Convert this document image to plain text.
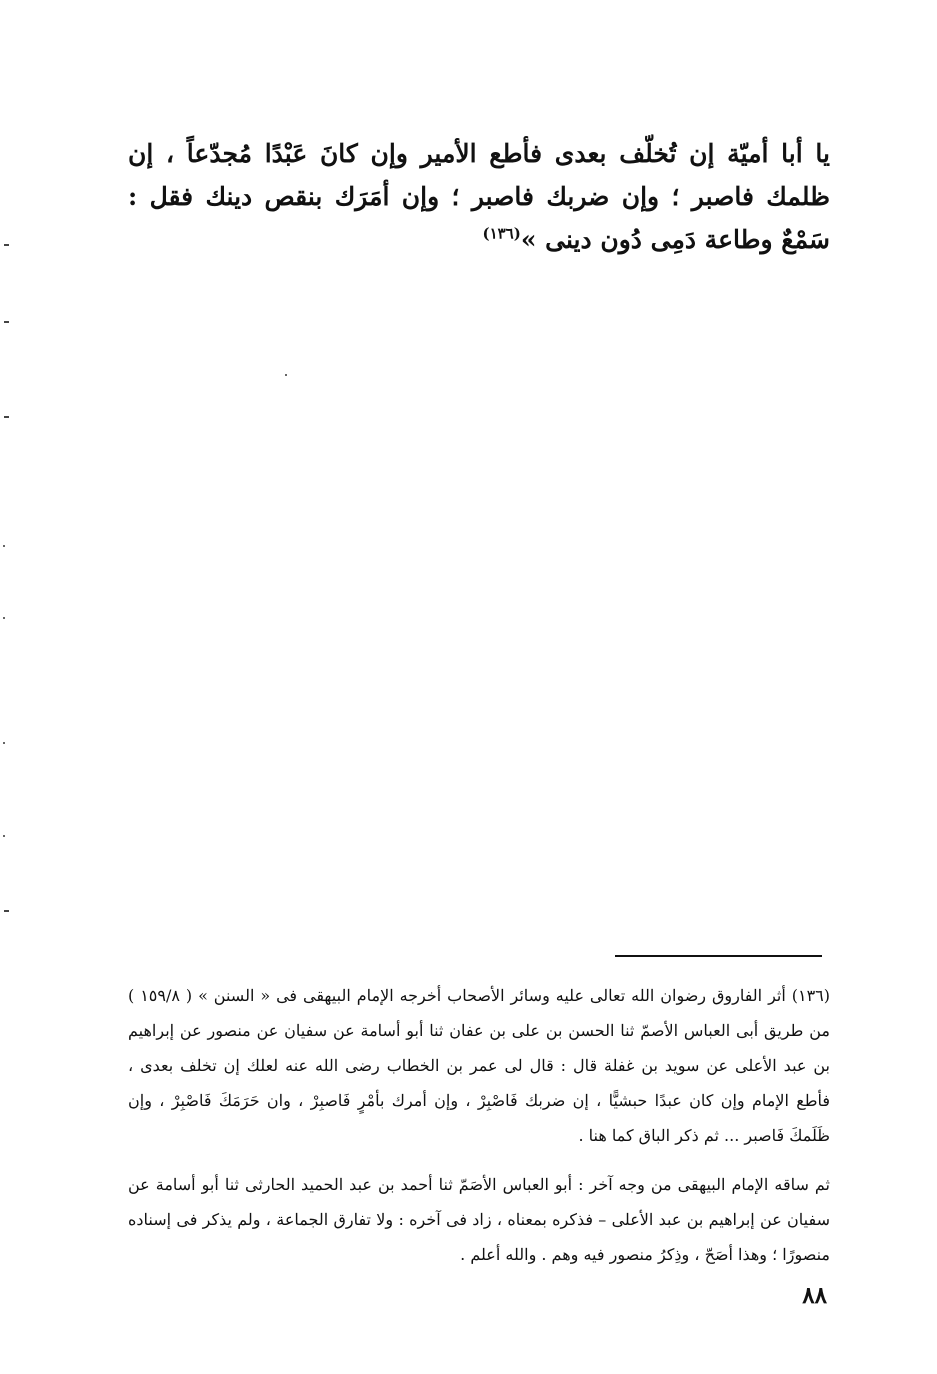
يا أبا أميّة إن تُخلّف بعدى فأطع الأمير وإن كانَ عَبْدًا مُجدّعاً ، إن ظلمك فاصبر ؛ وإن ضربك فاصبر ؛ وإن أمَرَك بنقص دينك فقل : سَمْعٌ وطاعة دَمِى دُون دينى »$^{(١٣٦)}$

(١٣٦) أثر الفاروق رضوان الله تعالى عليه وسائر الأصحاب أخرجه الإمام البيهقى فى « السنن » ( ١٥٩/٨ ) من طريق أبى العباس الأصمّ ثنا الحسن بن على بن عفان ثنا أبو أسامة عن سفيان عن منصور عن إبراهيم بن عبد الأعلى عن سويد بن غفلة قال : قال لى عمر بن الخطاب رضى الله عنه لعلك إن تخلف بعدى ، فأطع الإمام وإن كان عبدًا حبشيًّا ، إن ضربك فَاصْبِرْ ، وإن أمرك بأمْرٍ فَاصبِرْ ، وان حَرَمَكَ فَاصْبِرْ ، وإن ظَلَمكَ فَاصبر ... ثم ذكر الباق كما هنا .

ثم ساقه الإمام البيهقى من وجه آخر : أبو العباس الأصَمّ ثنا أحمد بن عبد الحميد الحارثى ثنا أبو أسامة عن سفيان عن إبراهيم بن عبد الأعلى – فذكره بمعناه ، زاد فى آخره : ولا تفارق الجماعة ، ولم يذكر فى إسناده منصورًا ؛ وهذا أصَحّ ، وذِكرُ منصور فيه وهم . والله أعلم .

٨٨
